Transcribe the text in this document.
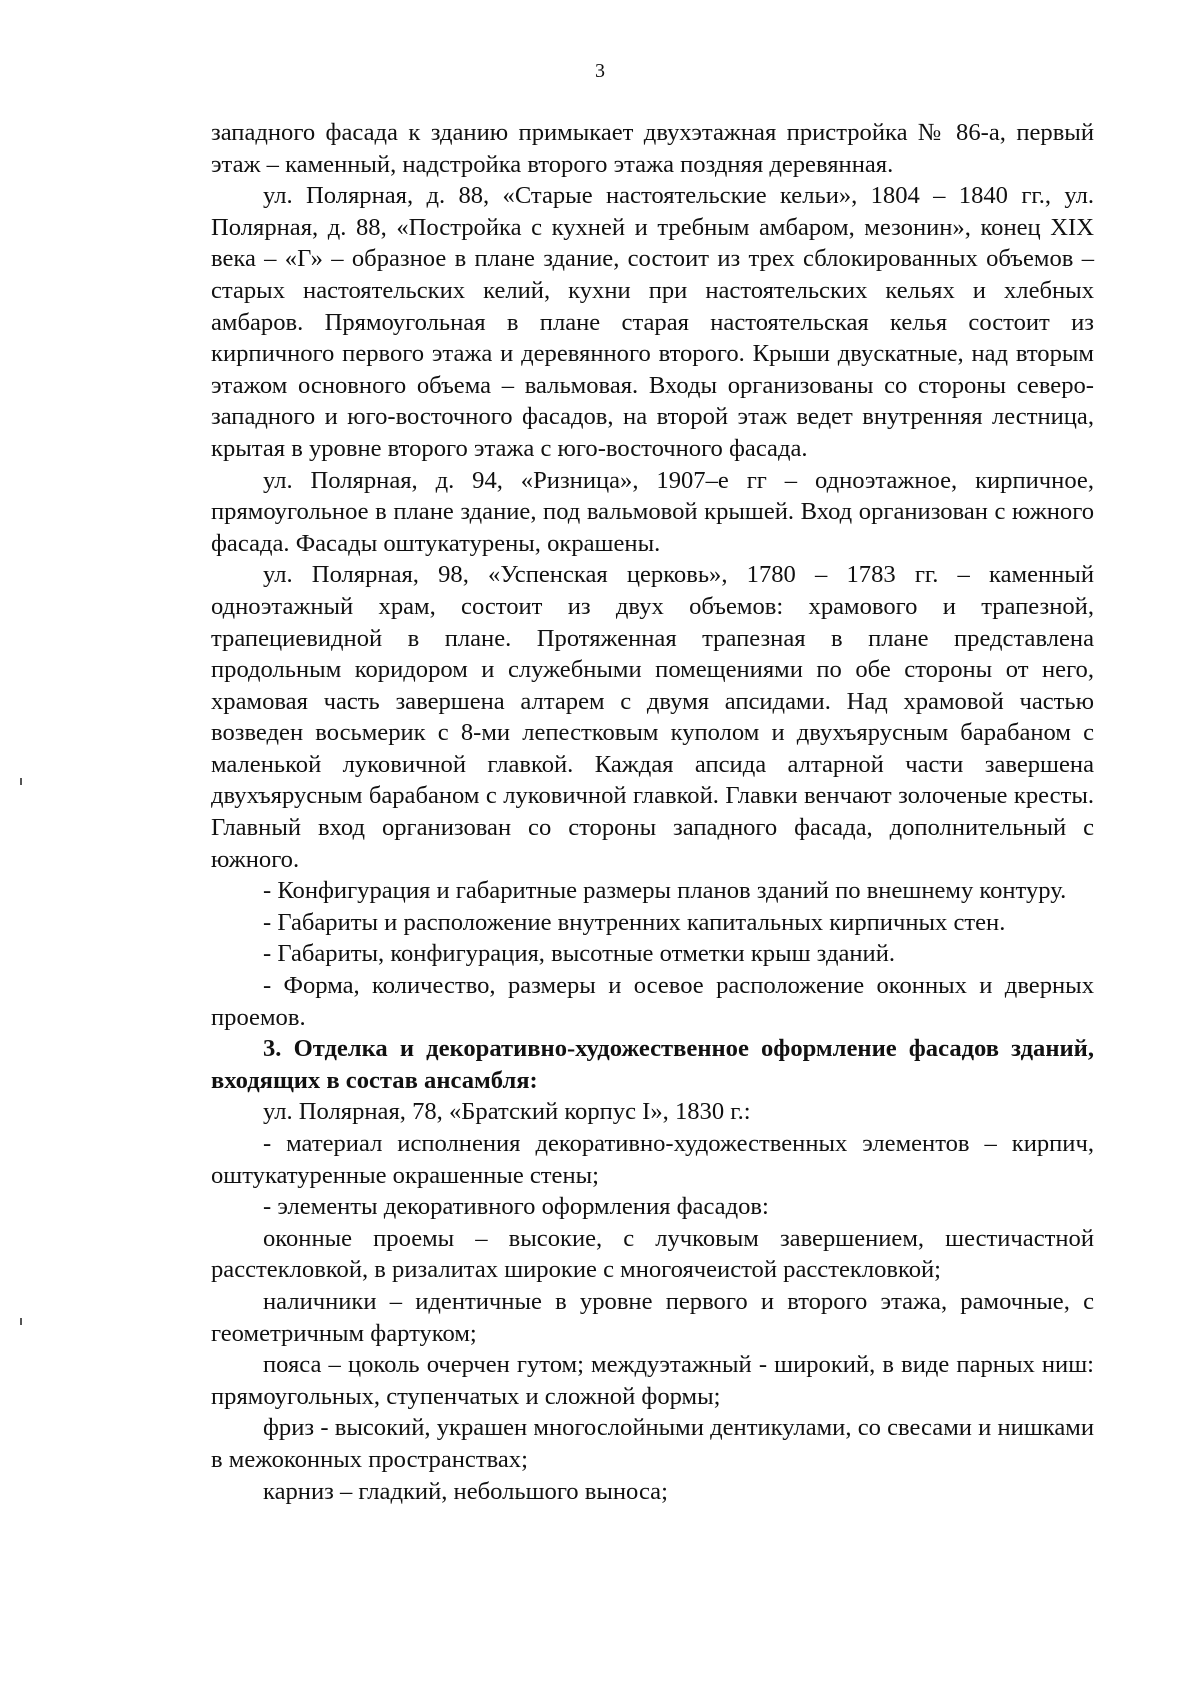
3

западного фасада к зданию примыкает двухэтажная пристройка № 86-а, первый этаж – каменный, надстройка второго этажа поздняя деревянная.

ул. Полярная, д. 88, «Старые настоятельские кельи», 1804 – 1840 гг., ул. Полярная, д. 88, «Постройка с кухней и требным амбаром, мезонин», конец XIX века – «Г» – образное в плане здание, состоит из трех сблокированных объемов – старых настоятельских келий, кухни при настоятельских кельях и хлебных амбаров. Прямоугольная в плане старая настоятельская келья состоит из кирпичного первого этажа и деревянного второго. Крыши двускатные, над вторым этажом основного объема – вальмовая. Входы организованы со стороны северо-западного и юго-восточного фасадов, на второй этаж ведет внутренняя лестница, крытая в уровне второго этажа с юго-восточного фасада.

ул. Полярная, д. 94, «Ризница», 1907–е гг – одноэтажное, кирпичное, прямоугольное в плане здание, под вальмовой крышей. Вход организован с южного фасада. Фасады оштукатурены, окрашены.

ул. Полярная, 98, «Успенская церковь», 1780 – 1783 гг. – каменный одноэтажный храм, состоит из двух объемов: храмового и трапезной, трапециевидной в плане. Протяженная трапезная в плане представлена продольным коридором и служебными помещениями по обе стороны от него, храмовая часть завершена алтарем с двумя апсидами. Над храмовой частью возведен восьмерик с 8-ми лепестковым куполом и двухъярусным барабаном с маленькой луковичной главкой. Каждая апсида алтарной части завершена двухъярусным барабаном с луковичной главкой. Главки венчают золоченые кресты. Главный вход организован со стороны западного фасада, дополнительный с южного.

- Конфигурация и габаритные размеры планов зданий по внешнему контуру.

- Габариты и расположение внутренних капитальных кирпичных стен.

- Габариты, конфигурация, высотные отметки крыш зданий.

- Форма, количество, размеры и осевое расположение оконных и дверных проемов.

3. Отделка и декоративно-художественное оформление фасадов зданий, входящих в состав ансамбля:

ул. Полярная, 78, «Братский корпус I», 1830 г.:

- материал исполнения декоративно-художественных элементов – кирпич, оштукатуренные окрашенные стены;

- элементы декоративного оформления фасадов:

оконные проемы – высокие, с лучковым завершением, шестичастной расстекловкой, в ризалитах широкие с многоячеистой расстекловкой;

наличники – идентичные в уровне первого и второго этажа, рамочные, с геометричным фартуком;

пояса – цоколь очерчен гутом; междуэтажный - широкий, в виде парных ниш: прямоугольных, ступенчатых и сложной формы;

фриз - высокий, украшен многослойными дентикулами, со свесами и нишками в межоконных пространствах;

карниз – гладкий, небольшого выноса;
